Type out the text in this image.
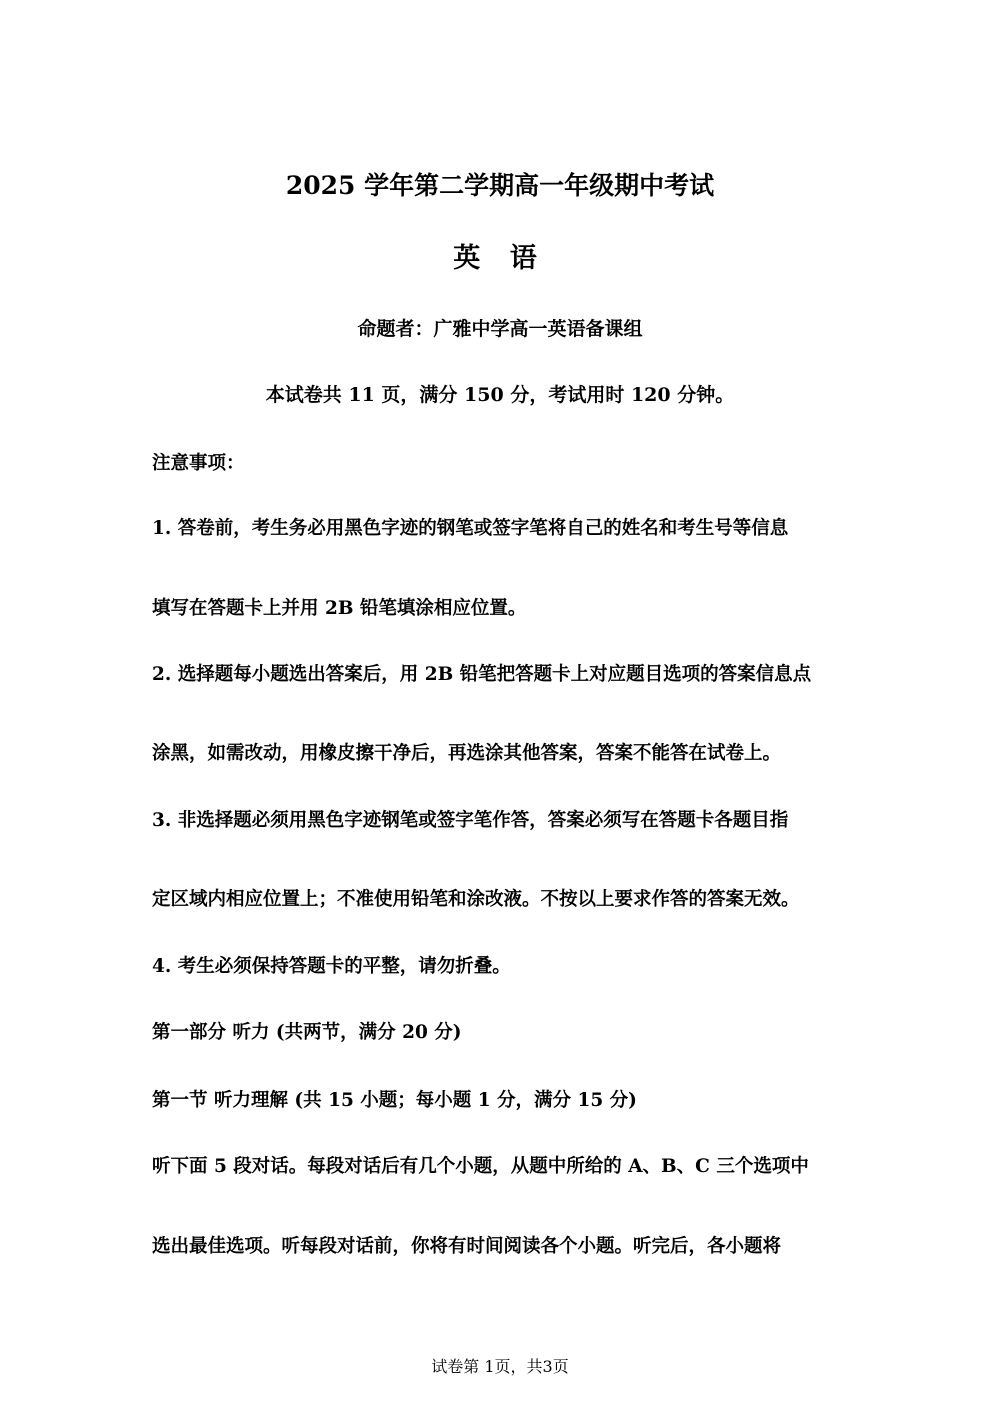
2025 学年第二学期高一年级期中考试
英 语
命题者：广雅中学高一英语备课组
本试卷共 11 页，满分 150 分，考试用时 120 分钟。
注意事项：
1. 答卷前，考生务必用黑色字迹的钢笔或签字笔将自己的姓名和考生号等信息
填写在答题卡上并用 2B 铅笔填涂相应位置。
2. 选择题每小题选出答案后，用 2B 铅笔把答题卡上对应题目选项的答案信息点
涂黑，如需改动，用橡皮擦干净后，再选涂其他答案，答案不能答在试卷上。
3. 非选择题必须用黑色字迹钢笔或签字笔作答，答案必须写在答题卡各题目指
定区域内相应位置上；不准使用铅笔和涂改液。不按以上要求作答的答案无效。
4. 考生必须保持答题卡的平整，请勿折叠。
第一部分 听力 (共两节，满分 20 分)
第一节 听力理解 (共 15 小题；每小题 1 分，满分 15 分)
听下面 5 段对话。每段对话后有几个小题，从题中所给的 A、B、C 三个选项中
选出最佳选项。听每段对话前，你将有时间阅读各个小题。听完后，各小题将
试卷第 1页，共3页
